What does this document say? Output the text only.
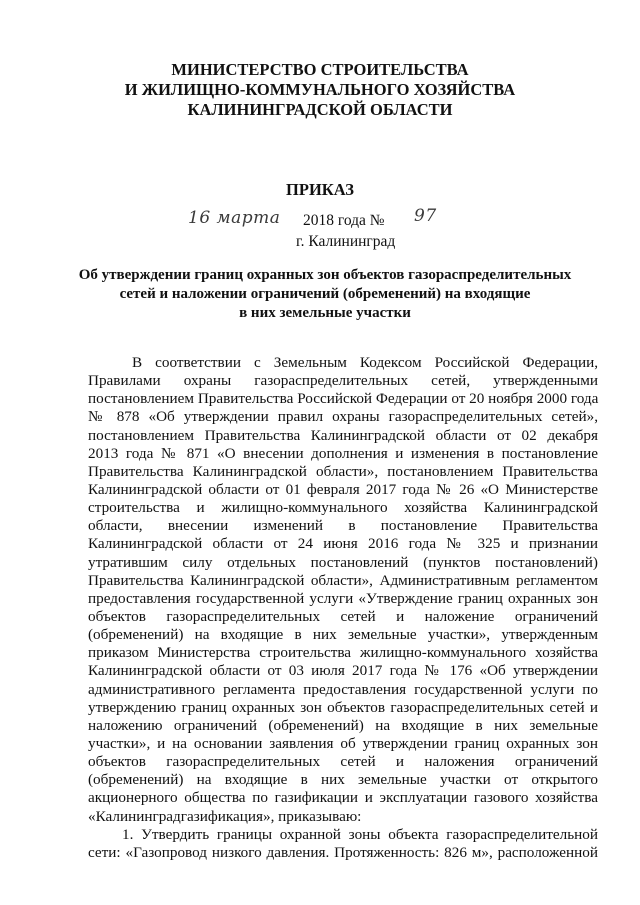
МИНИСТЕРСТВО СТРОИТЕЛЬСТВА
И ЖИЛИЩНО-КОММУНАЛЬНОГО ХОЗЯЙСТВА
КАЛИНИНГРАДСКОЙ ОБЛАСТИ
ПРИКАЗ
16 марта 2018 года № 97
г. Калининград
Об утверждении границ охранных зон объектов газораспределительных
сетей и наложении ограничений (обременений) на входящие
в них земельные участки
В соответствии с Земельным Кодексом Российской Федерации,
Правилами охраны газораспределительных сетей, утвержденными
постановлением Правительства Российской Федерации от 20 ноября 2000 года
№ 878 «Об утверждении правил охраны газораспределительных сетей»,
постановлением Правительства Калининградской области от 02 декабря
2013 года № 871 «О внесении дополнения и изменения в постановление
Правительства Калининградской области», постановлением Правительства
Калининградской области от 01 февраля 2017 года № 26 «О Министерстве
строительства и жилищно-коммунального хозяйства Калининградской
области, внесении изменений в постановление Правительства
Калининградской области от 24 июня 2016 года № 325 и признании
утратившим силу отдельных постановлений (пунктов постановлений)
Правительства Калининградской области», Административным регламентом
предоставления государственной услуги «Утверждение границ охранных зон
объектов газораспределительных сетей и наложение ограничений
(обременений) на входящие в них земельные участки», утвержденным
приказом Министерства строительства жилищно-коммунального хозяйства
Калининградской области от 03 июля 2017 года № 176 «Об утверждении
административного регламента предоставления государственной услуги по
утверждению границ охранных зон объектов газораспределительных сетей и
наложению ограничений (обременений) на входящие в них земельные
участки», и на основании заявления об утверждении границ охранных зон
объектов газораспределительных сетей и наложения ограничений
(обременений) на входящие в них земельные участки от открытого
акционерного общества по газификации и эксплуатации газового хозяйства
«Калининградгазификация», приказываю:
1. Утвердить границы охранной зоны объекта газораспределительной
сети: «Газопровод низкого давления. Протяженность: 826 м», расположенной
